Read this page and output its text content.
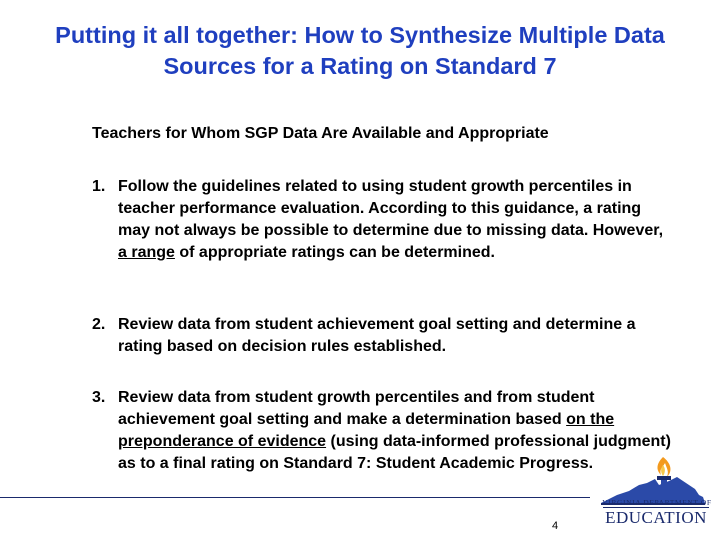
Putting it all together: How to Synthesize Multiple Data Sources for a Rating on Standard 7
Teachers for Whom SGP Data Are Available and Appropriate
1. Follow the guidelines related to using student growth percentiles in teacher performance evaluation. According to this guidance, a rating may not always be possible to determine due to missing data. However, a range of appropriate ratings can be determined.
2. Review data from student achievement goal setting and determine a rating based on decision rules established.
3. Review data from student growth percentiles and from student achievement goal setting and make a determination based on the preponderance of evidence (using data-informed professional judgment) as to a final rating on Standard 7: Student Academic Progress.
4
VIRGINIA DEPARTMENT OF
EDUCATION
